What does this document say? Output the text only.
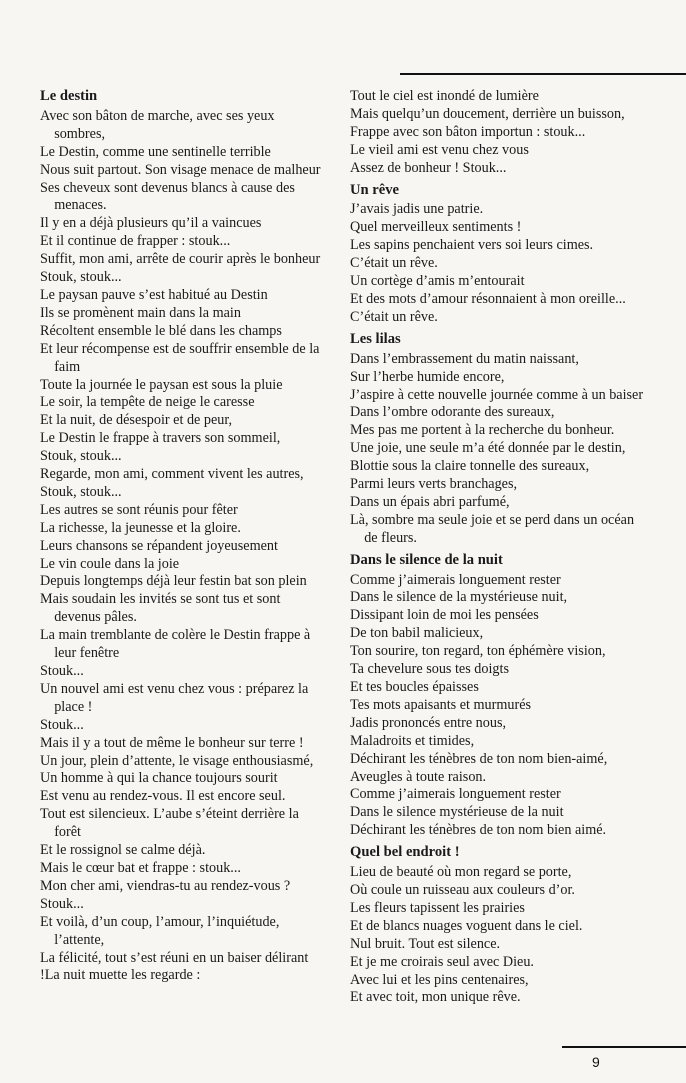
Le destin
Avec son bâton de marche, avec ses yeux sombres,
Le Destin, comme une sentinelle terrible
Nous suit partout. Son visage menace de malheur
Ses cheveux sont devenus blancs à cause des menaces.
Il y en a déjà plusieurs qu’il a vaincues
Et il continue de frapper : stouk...
Suffit, mon ami, arrête de courir après le bonheur
Stouk, stouk...
Le paysan pauve s’est habitué au Destin
Ils se promènent main dans la main
Récoltent ensemble le blé dans les champs
Et leur récompense est de souffrir ensemble de la faim
Toute la journée le paysan est sous la pluie
Le soir, la tempête de neige le caresse
Et la nuit, de désespoir et de peur,
Le Destin le frappe à travers son sommeil,
Stouk, stouk...
Regarde, mon ami, comment vivent les autres,
Stouk, stouk...
Les autres se sont réunis pour fêter
La richesse, la jeunesse et la gloire.
Leurs chansons se répandent joyeusement
Le vin coule dans la joie
Depuis longtemps déjà leur festin bat son plein
Mais soudain les invités se sont tus et sont devenus pâles.
La main tremblante de colère le Destin frappe à leur fenêtre
Stouk...
Un nouvel ami est venu chez vous : préparez la place !
Stouk...
Mais il y a tout de même le bonheur sur terre !
Un jour, plein d’attente, le visage enthousiasmé,
Un homme à qui la chance toujours sourit
Est venu au rendez-vous. Il est encore seul.
Tout est silencieux. L’aube s’éteint derrière la forêt
Et le rossignol se calme déjà.
Mais le cœur bat et frappe : stouk...
Mon cher ami, viendras-tu au rendez-vous ?
Stouk...
Et voilà, d’un coup, l’amour, l’inquiétude, l’attente,
La félicité, tout s’est réuni en un baiser délirant
!La nuit muette les regarde :
Tout le ciel est inondé de lumière
Mais quelqu’un doucement, derrière un buisson,
Frappe avec son bâton importun : stouk...
Le vieil ami est venu chez vous
Assez de bonheur ! Stouk...
Un rêve
J’avais jadis une patrie.
Quel merveilleux sentiments !
Les sapins penchaient vers soi leurs cimes.
C’était un rêve.
Un cortège d’amis m’entourait
Et des mots d’amour résonnaient à mon oreille...
C’était un rêve.
Les lilas
Dans l’embrassement du matin naissant,
Sur l’herbe humide encore,
J’aspire à cette nouvelle journée comme à un baiser
Dans l’ombre odorante des sureaux,
Mes pas me portent à la recherche du bonheur.
Une joie, une seule m’a été donnée par le destin,
Blottie sous la claire tonnelle des sureaux,
Parmi leurs verts branchages,
Dans un épais abri parfumé,
Là, sombre ma seule joie et se perd dans un océan de fleurs.
Dans le silence de la nuit
Comme j’aimerais longuement rester
Dans le silence de la mystérieuse nuit,
Dissipant loin de moi les pensées
De ton babil malicieux,
Ton sourire, ton regard, ton éphémère vision,
Ta chevelure sous tes doigts
Et tes boucles épaisses
Tes mots apaisants et murmurés
Jadis prononcés entre nous,
Maladroits et timides,
Déchirant les ténèbres de ton nom bien-aimé,
Aveugles à toute raison.
Comme j’aimerais longuement rester
Dans le silence mystérieuse de la nuit
Déchirant les ténèbres de ton nom bien aimé.
Quel bel endroit !
Lieu de beauté où mon regard se porte,
Où coule un ruisseau aux couleurs d’or.
Les fleurs tapissent les prairies
Et de blancs nuages voguent dans le ciel.
Nul bruit. Tout est silence.
Et je me croirais seul avec Dieu.
Avec lui et les pins centenaires,
Et avec toit, mon unique rêve.
9
